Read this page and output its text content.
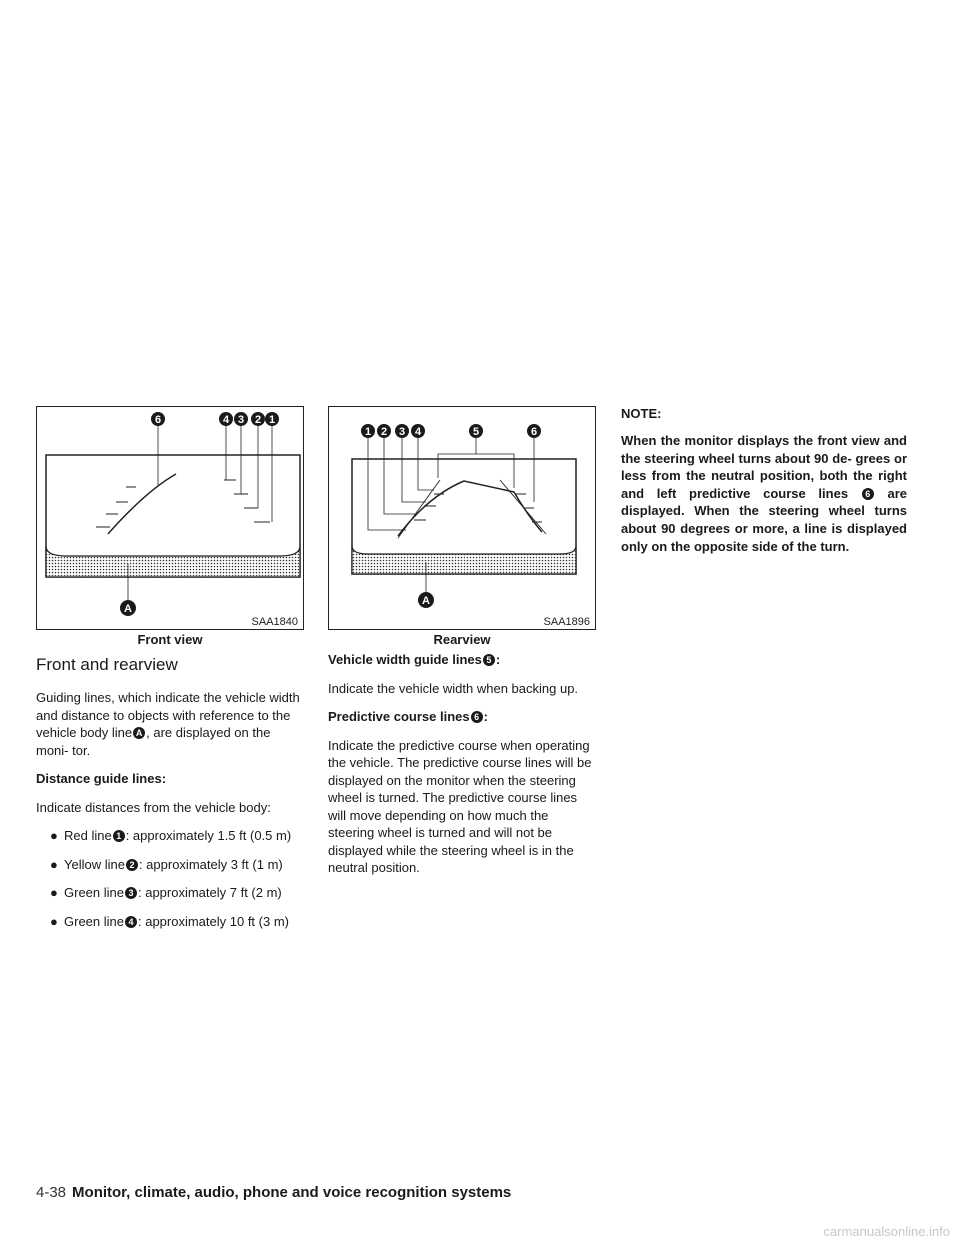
6	4 3 2 1
A
SAA1840
Front view
Front and rearview

Guiding lines, which indicate the vehicle width and distance to objects with reference to the vehicle body line A , are displayed on the moni- tor.

Distance guide lines:

Indicate distances from the vehicle body:

● Red line 1 : approximately 1.5 ft (0.5 m)
● Yellow line 2 : approximately 3 ft (1 m)
● Green line 3 : approximately 7 ft (2 m)
● Green line 4 : approximately 10 ft (3 m)
1 2 3 4	5	6
A
SAA1896
Rearview

Vehicle width guide lines 5 :

Indicate the vehicle width when backing up.

Predictive course lines 6 :

Indicate the predictive course when operating the vehicle. The predictive course lines will be displayed on the monitor when the steering wheel is turned. The predictive course lines will move depending on how much the steering wheel is turned and will not be displayed while the steering wheel is in the neutral position.

NOTE:
When the monitor displays the front view and the steering wheel turns about 90 de- grees or less from the neutral position, both the right and left predictive course lines 6 are displayed. When the steering wheel turns about 90 degrees or more, a line is displayed only on the opposite side of the turn.
4-38 Monitor, climate, audio, phone and voice recognition systems
carmanualsonline.info
